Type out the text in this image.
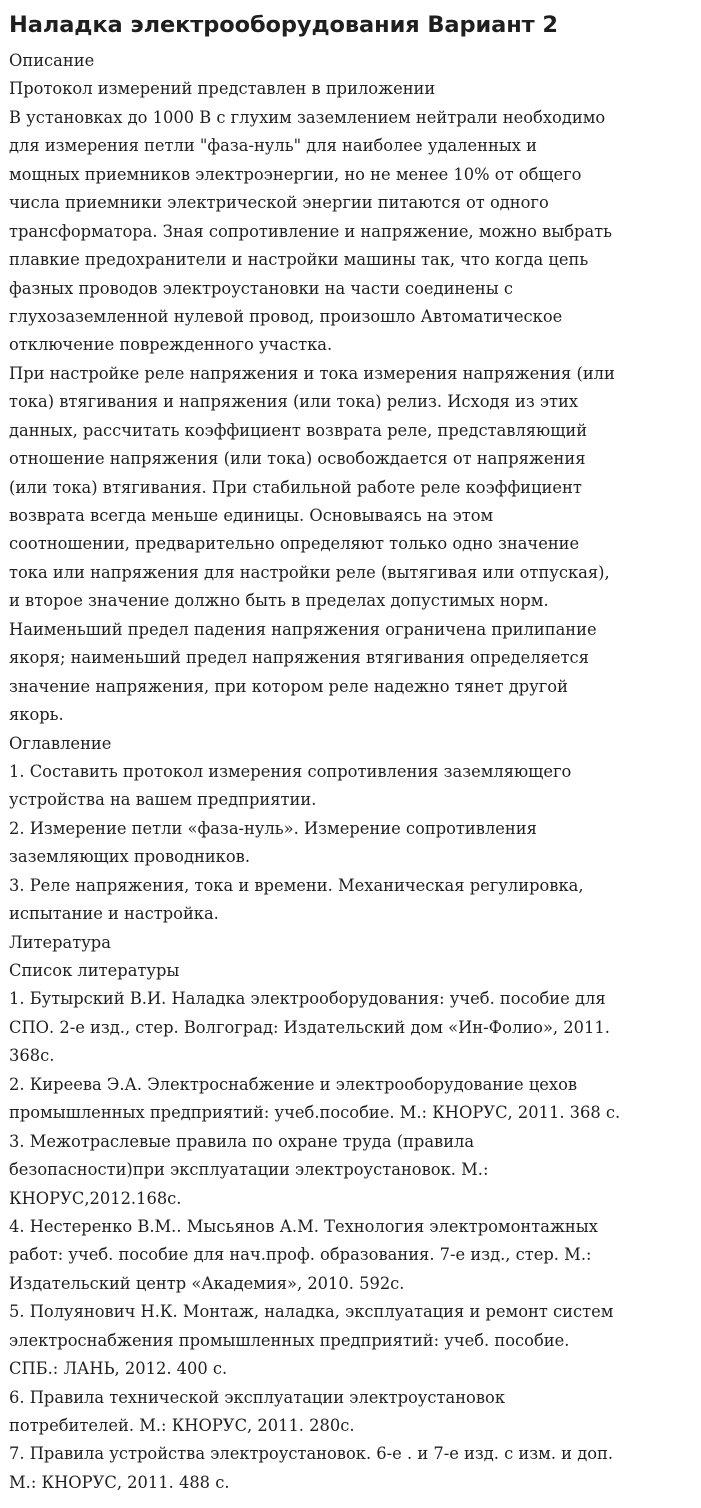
Наладка электрооборудования Вариант 2
Описание
Протокол измерений представлен в приложении
В установках до 1000 В с глухим заземлением нейтрали необходимо
для измерения петли "фаза-нуль" для наиболее удаленных и
мощных приемников электроэнергии, но не менее 10% от общего
числа приемники электрической энергии питаются от одного
трансформатора. Зная сопротивление и напряжение, можно выбрать
плавкие предохранители и настройки машины так, что когда цепь
фазных проводов электроустановки на части соединены с
глухозаземленной нулевой провод, произошло Автоматическое
отключение поврежденного участка.
При настройке реле напряжения и тока измерения напряжения (или
тока) втягивания и напряжения (или тока) релиз. Исходя из этих
данных, рассчитать коэффициент возврата реле, представляющий
отношение напряжения (или тока) освобождается от напряжения
(или тока) втягивания. При стабильной работе реле коэффициент
возврата всегда меньше единицы. Основываясь на этом
соотношении, предварительно определяют только одно значение
тока или напряжения для настройки реле (вытягивая или отпуская),
и второе значение должно быть в пределах допустимых норм.
Наименьший предел падения напряжения ограничена прилипание
якоря; наименьший предел напряжения втягивания определяется
значение напряжения, при котором реле надежно тянет другой
якорь.
Оглавление
1. Составить протокол измерения сопротивления заземляющего
устройства на вашем предприятии.
2. Измерение петли «фаза-нуль». Измерение сопротивления
заземляющих проводников.
3. Реле напряжения, тока и времени. Механическая регулировка,
испытание и настройка.
Литература
Список литературы
1. Бутырский В.И. Наладка электрооборудования: учеб. пособие для
СПО. 2-е изд., стер. Волгоград: Издательский дом «Ин-Фолио», 2011.
368с.
2. Киреева Э.А. Электроснабжение и электрооборудование цехов
промышленных предприятий: учеб.пособие. М.: КНОРУС, 2011. 368 с.
3. Межотраслевые правила по охране труда (правила
безопасности)при эксплуатации электроустановок. М.:
КНОРУС,2012.168с.
4. Нестеренко В.М.. Мысьянов А.М. Технология электромонтажных
работ: учеб. пособие для нач.проф. образования. 7-е изд., стер. М.:
Издательский центр «Академия», 2010. 592с.
5. Полуянович Н.К. Монтаж, наладка, эксплуатация и ремонт систем
электроснабжения промышленных предприятий: учеб. пособие.
СПБ.: ЛАНЬ, 2012. 400 с.
6. Правила технической эксплуатации электроустановок
потребителей. М.: КНОРУС, 2011. 280с.
7. Правила устройства электроустановок. 6-е . и 7-е изд. с изм. и доп.
М.: КНОРУС, 2011. 488 с.
